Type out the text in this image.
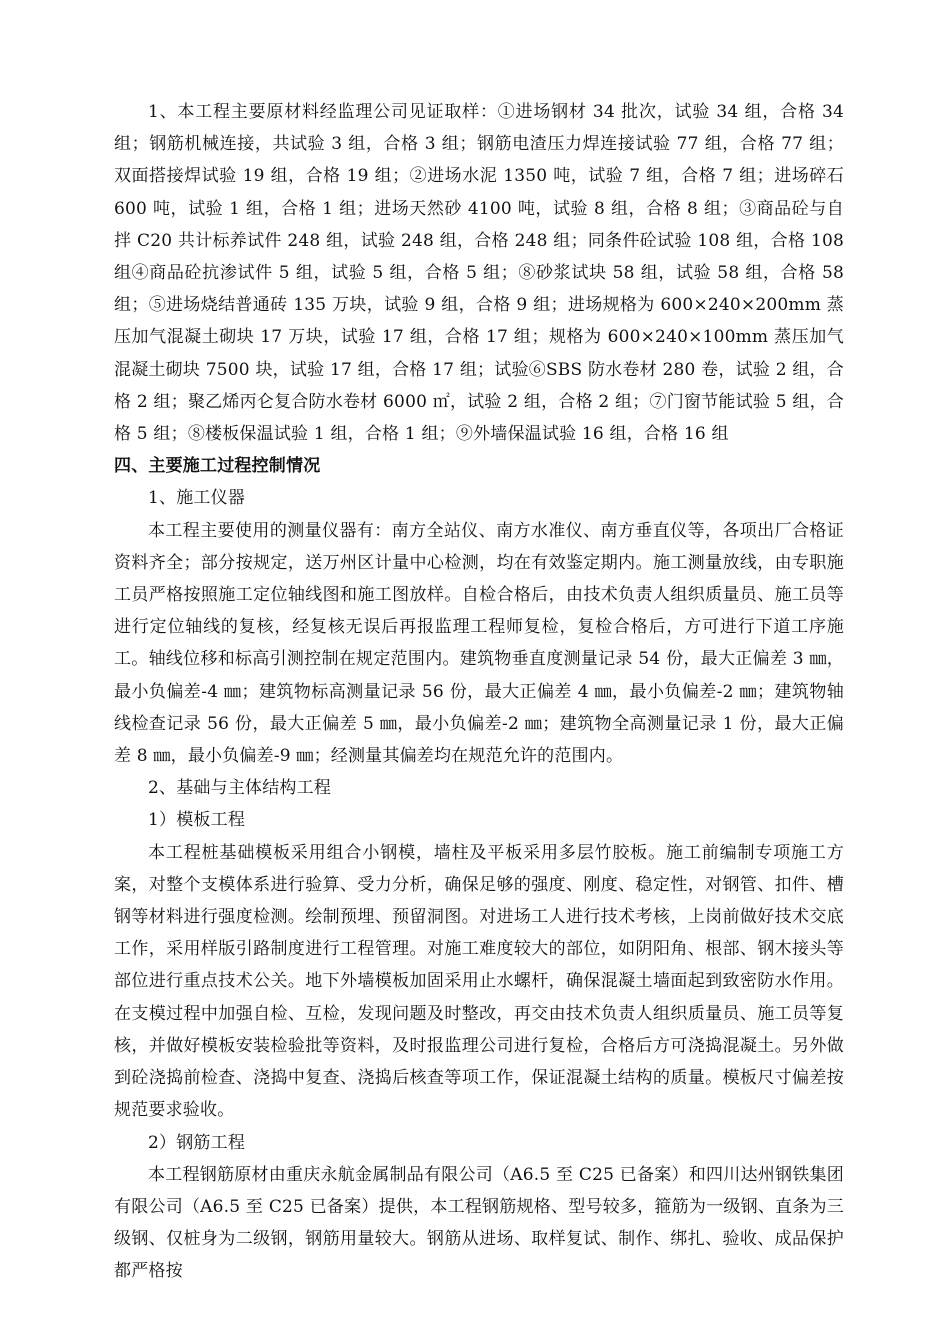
1、本工程主要原材料经监理公司见证取样：①进场钢材 34 批次，试验 34 组，合格 34 组；钢筋机械连接，共试验 3 组，合格 3 组；钢筋电渣压力焊连接试验 77 组，合格 77 组；双面搭接焊试验 19 组，合格 19 组；②进场水泥 1350 吨，试验 7 组，合格 7 组；进场碎石 600 吨，试验 1 组，合格 1 组；进场天然砂 4100 吨，试验 8 组，合格 8 组；③商品砼与自拌 C20 共计标养试件 248 组，试验 248 组，合格 248 组；同条件砼试验 108 组，合格 108 组④商品砼抗渗试件 5 组，试验 5 组，合格 5 组；⑧砂浆试块 58 组，试验 58 组，合格 58 组；⑤进场烧结普通砖 135 万块，试验 9 组，合格 9 组；进场规格为 600×240×200mm 蒸压加气混凝土砌块 17 万块，试验 17 组，合格 17 组；规格为 600×240×100mm 蒸压加气混凝土砌块 7500 块，试验 17 组，合格 17 组；试验⑥SBS 防水卷材 280 卷，试验 2 组，合格 2 组；聚乙烯丙仑复合防水卷材 6000 ㎡，试验 2 组，合格 2 组；⑦门窗节能试验 5 组，合格 5 组；⑧楼板保温试验 1 组，合格 1 组；⑨外墙保温试验 16 组，合格 16 组

四、主要施工过程控制情况

1、施工仪器

本工程主要使用的测量仪器有：南方全站仪、南方水准仪、南方垂直仪等，各项出厂合格证资料齐全；部分按规定，送万州区计量中心检测，均在有效鉴定期内。施工测量放线，由专职施工员严格按照施工定位轴线图和施工图放样。自检合格后，由技术负责人组织质量员、施工员等进行定位轴线的复核，经复核无误后再报监理工程师复检，复检合格后，方可进行下道工序施工。轴线位移和标高引测控制在规定范围内。建筑物垂直度测量记录 54 份，最大正偏差 3 ㎜，最小负偏差-4 ㎜；建筑物标高测量记录 56 份，最大正偏差 4 ㎜，最小负偏差-2 ㎜；建筑物轴线检查记录 56 份，最大正偏差 5 ㎜，最小负偏差-2 ㎜；建筑物全高测量记录 1 份，最大正偏差 8 ㎜，最小负偏差-9 ㎜；经测量其偏差均在规范允许的范围内。

2、基础与主体结构工程

1）模板工程

本工程桩基础模板采用组合小钢模，墙柱及平板采用多层竹胶板。施工前编制专项施工方案，对整个支模体系进行验算、受力分析，确保足够的强度、刚度、稳定性，对钢管、扣件、槽钢等材料进行强度检测。绘制预埋、预留洞图。对进场工人进行技术考核，上岗前做好技术交底工作，采用样版引路制度进行工程管理。对施工难度较大的部位，如阴阳角、根部、钢木接头等部位进行重点技术公关。地下外墙模板加固采用止水螺杆，确保混凝土墙面起到致密防水作用。在支模过程中加强自检、互检，发现问题及时整改，再交由技术负责人组织质量员、施工员等复核，并做好模板安装检验批等资料，及时报监理公司进行复检，合格后方可浇捣混凝土。另外做到砼浇捣前检查、浇捣中复查、浇捣后核查等项工作，保证混凝土结构的质量。模板尺寸偏差按规范要求验收。

2）钢筋工程

本工程钢筋原材由重庆永航金属制品有限公司（A6.5 至 C25 已备案）和四川达州钢铁集团有限公司（A6.5 至 C25 已备案）提供，本工程钢筋规格、型号较多，箍筋为一级钢、直条为三级钢、仅桩身为二级钢，钢筋用量较大。钢筋从进场、取样复试、制作、绑扎、验收、成品保护都严格按
